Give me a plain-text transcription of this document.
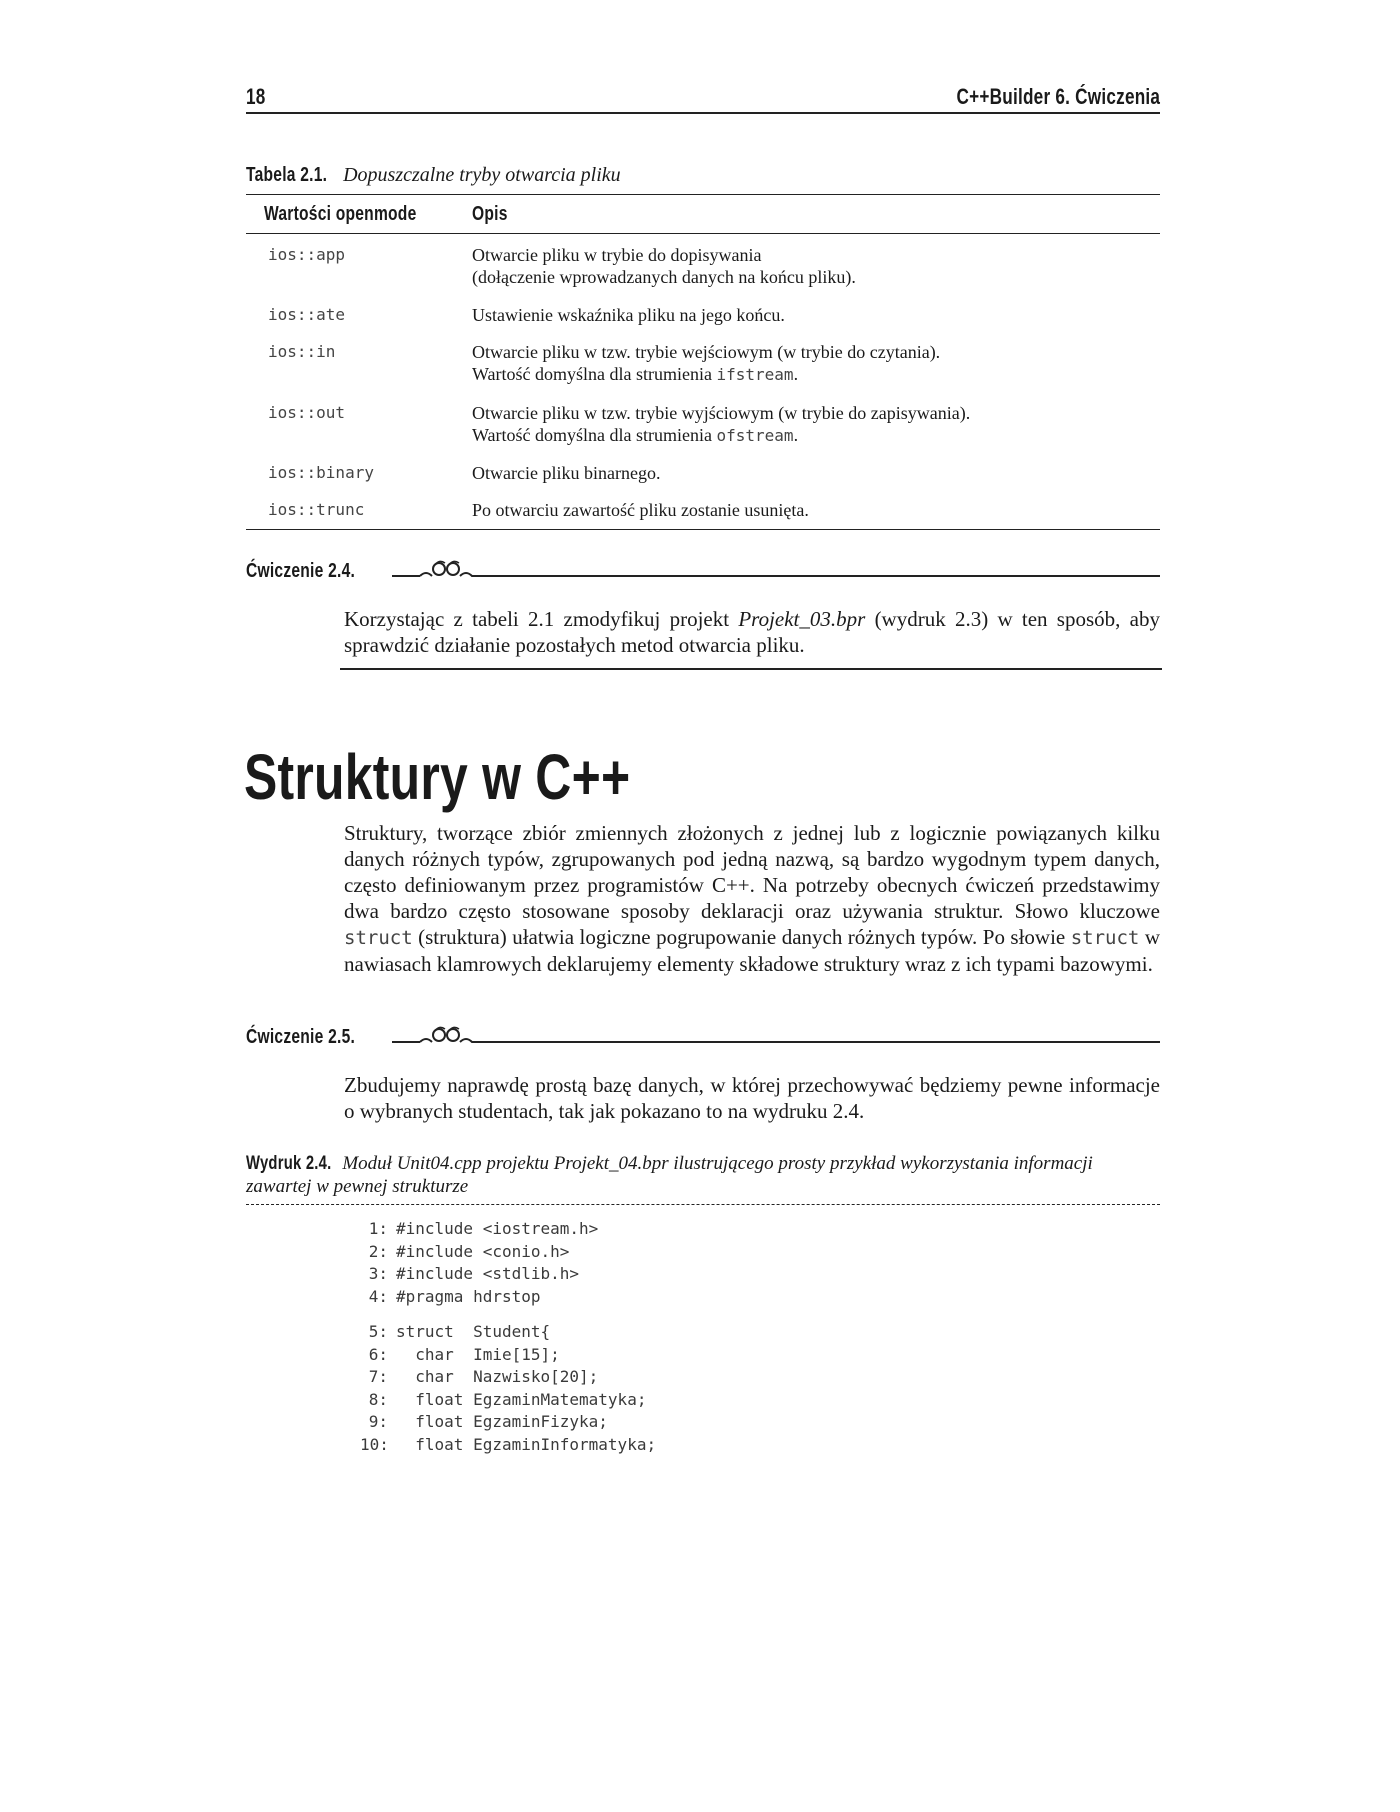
18	C++Builder 6. Ćwiczenia
Tabela 2.1. Dopuszczalne tryby otwarcia pliku
Wartości openmode	Opis
ios::app	Otwarcie pliku w trybie do dopisywania
(dołączenie wprowadzanych danych na końcu pliku).
ios::ate	Ustawienie wskaźnika pliku na jego końcu.
ios::in	Otwarcie pliku w tzw. trybie wejściowym (w trybie do czytania).
Wartość domyślna dla strumienia ifstream.
ios::out	Otwarcie pliku w tzw. trybie wyjściowym (w trybie do zapisywania).
Wartość domyślna dla strumienia ofstream.
ios::binary	Otwarcie pliku binarnego.
ios::trunc	Po otwarciu zawartość pliku zostanie usunięta.
Ćwiczenie 2.4.
Korzystając z tabeli 2.1 zmodyfikuj projekt Projekt_03.bpr (wydruk 2.3) w ten sposób, aby sprawdzić działanie pozostałych metod otwarcia pliku.
Struktury w C++
Struktury, tworzące zbiór zmiennych złożonych z jednej lub z logicznie powiązanych kilku danych różnych typów, zgrupowanych pod jedną nazwą, są bardzo wygodnym typem danych, często definiowanym przez programistów C++. Na potrzeby obecnych ćwiczeń przedstawimy dwa bardzo często stosowane sposoby deklaracji oraz używania struktur. Słowo kluczowe struct (struktura) ułatwia logiczne pogrupowanie danych różnych typów. Po słowie struct w nawiasach klamrowych deklarujemy elementy składowe struktury wraz z ich typami bazowymi.
Ćwiczenie 2.5.
Zbudujemy naprawdę prostą bazę danych, w której przechowywać będziemy pewne informacje o wybranych studentach, tak jak pokazano to na wydruku 2.4.
Wydruk 2.4. Moduł Unit04.cpp projektu Projekt_04.bpr ilustrującego prosty przykład wykorzystania informacji zawartej w pewnej strukturze
1: #include <iostream.h>
2: #include <conio.h>
3: #include <stdlib.h>
4: #pragma hdrstop
5: struct  Student{
6:  char  Imie[15];
7:  char  Nazwisko[20];
8:  float EgzaminMatematyka;
9:  float EgzaminFizyka;
10:  float EgzaminInformatyka;
